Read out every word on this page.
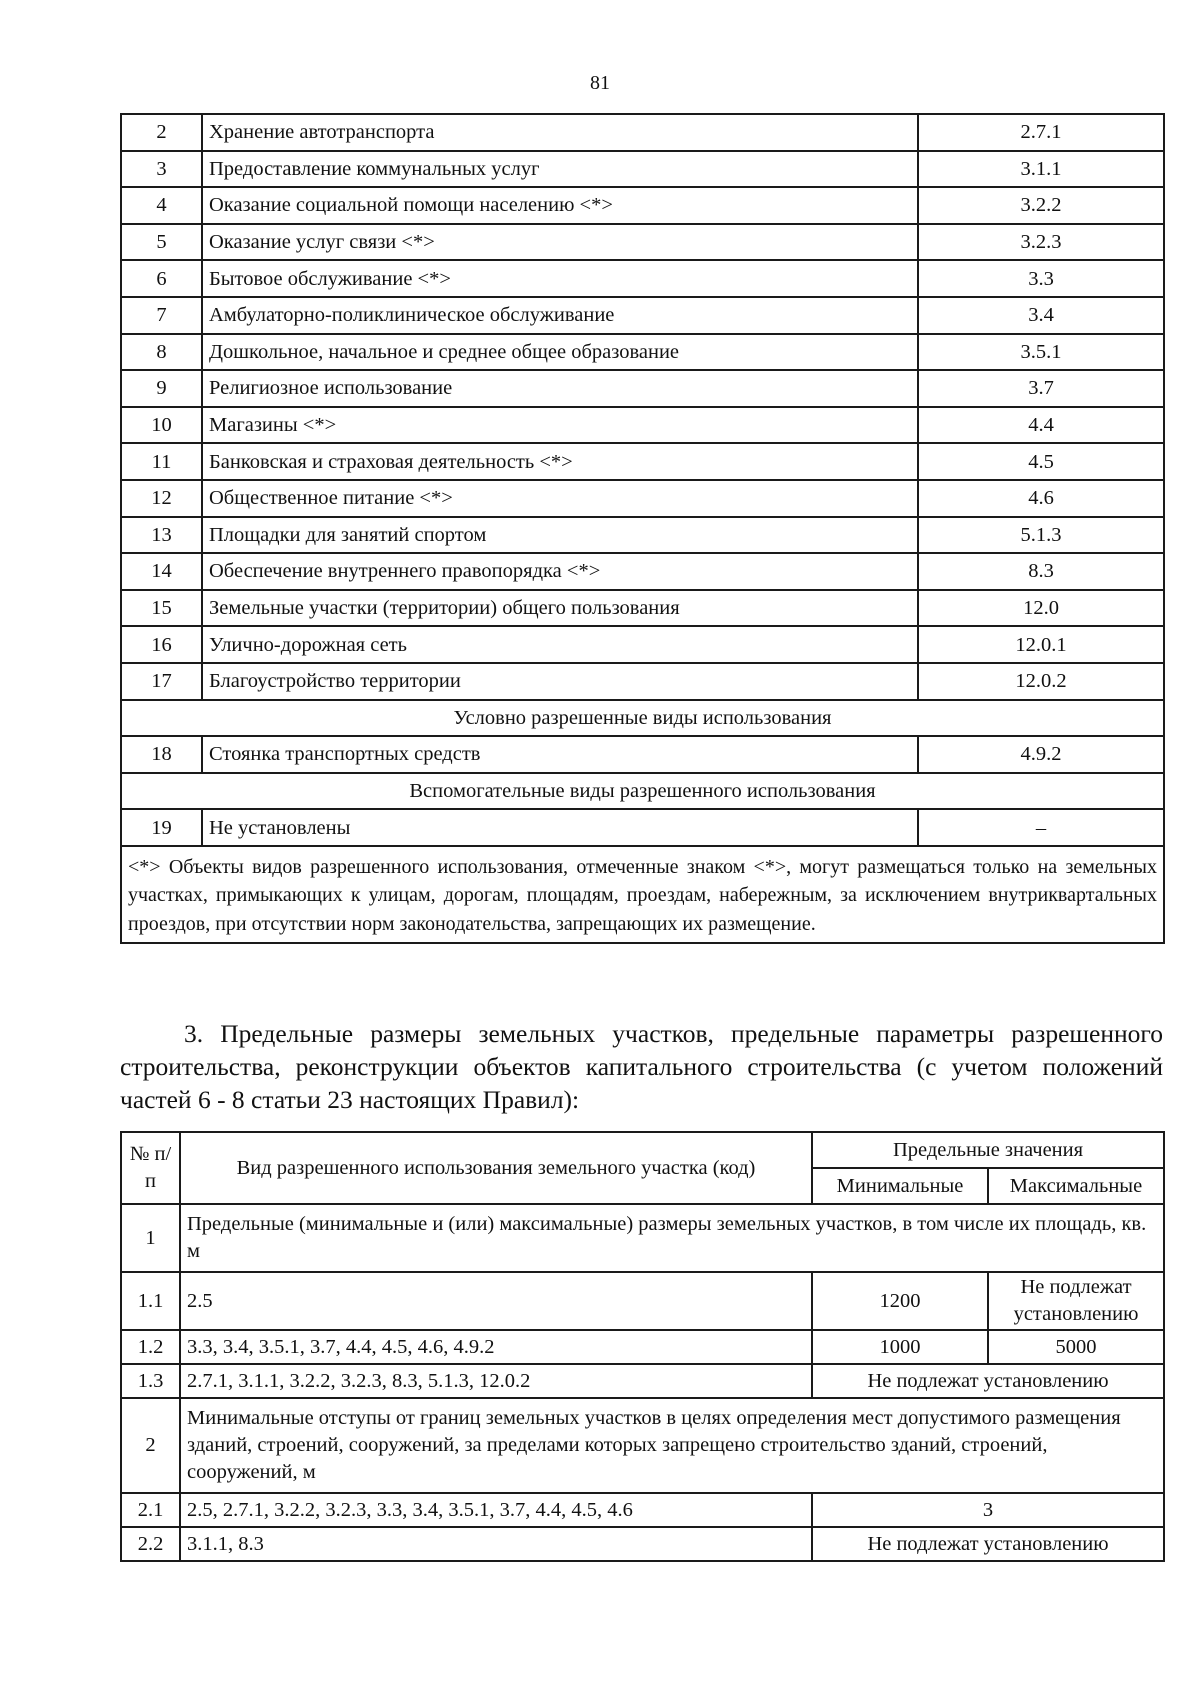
81
2	Хранение автотранспорта	2.7.1
3	Предоставление коммунальных услуг	3.1.1
4	Оказание социальной помощи населению <*>	3.2.2
5	Оказание услуг связи <*>	3.2.3
6	Бытовое обслуживание <*>	3.3
7	Амбулаторно-поликлиническое обслуживание	3.4
8	Дошкольное, начальное и среднее общее образование	3.5.1
9	Религиозное использование	3.7
10	Магазины <*>	4.4
11	Банковская и страховая деятельность <*>	4.5
12	Общественное питание <*>	4.6
13	Площадки для занятий спортом	5.1.3
14	Обеспечение внутреннего правопорядка <*>	8.3
15	Земельные участки (территории) общего пользования	12.0
16	Улично-дорожная сеть	12.0.1
17	Благоустройство территории	12.0.2
Условно разрешенные виды использования		
18	Стоянка транспортных средств	4.9.2
Вспомогательные виды разрешенного использования		
19	Не установлены	–
<*> Объекты видов разрешенного использования, отмеченные знаком <*>, могут размещаться только на земельных участках, примыкающих к улицам, дорогам, площадям, проездам, набережным, за исключением внутриквартальных проездов, при отсутствии норм законодательства, запрещающих их размещение.		
3. Предельные размеры земельных участков, предельные параметры разрешенного строительства, реконструкции объектов капитального строительства (с учетом положений частей 6 - 8 статьи 23 настоящих Правил):
№ п/п	Вид разрешенного использования земельного участка (код)	Предельные значения	
		Минимальные	Максимальные
1	Предельные (минимальные и (или) максимальные) размеры земельных участков, в том числе их площадь, кв. м		
1.1	2.5	1200	Не подлежат установлению
1.2	3.3, 3.4, 3.5.1, 3.7, 4.4, 4.5, 4.6, 4.9.2	1000	5000
1.3	2.7.1, 3.1.1, 3.2.2, 3.2.3, 8.3, 5.1.3, 12.0.2	Не подлежат установлению	
2	Минимальные отступы от границ земельных участков в целях определения мест допустимого размещения зданий, строений, сооружений, за пределами которых запрещено строительство зданий, строений, сооружений, м		
2.1	2.5, 2.7.1, 3.2.2, 3.2.3, 3.3, 3.4, 3.5.1, 3.7, 4.4, 4.5, 4.6	3	
2.2	3.1.1, 8.3	Не подлежат установлению	
